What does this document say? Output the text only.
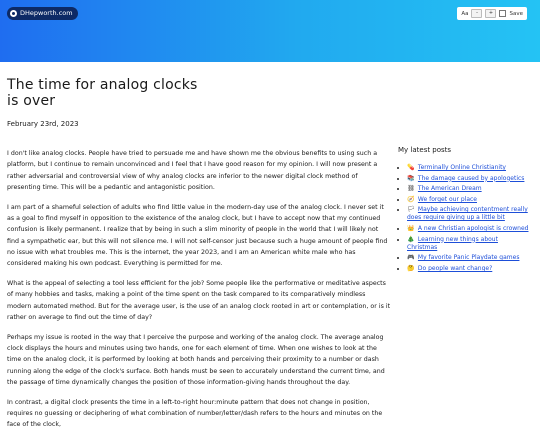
DHepworth.com	Aa	-	+	Save
The time for analog clocks is over
February 23rd, 2023

I don't like analog clocks. People have tried to persuade me and have shown me the obvious benefits to using such a platform, but I continue to remain unconvinced and I feel that I have good reason for my opinion. I will now present a rather adversarial and controversial view of why analog clocks are inferior to the newer digital clock method of presenting time. This will be a pedantic and antagonistic position.

I am part of a shameful selection of adults who find little value in the modern-day use of the analog clock. I never set it as a goal to find myself in opposition to the existence of the analog clock, but I have to accept now that my continued confusion is likely permanent. I realize that by being in such a slim minority of people in the world that I will likely not find a sympathetic ear, but this will not silence me. I will not self-censor just because such a huge amount of people find no issue with what troubles me. This is the internet, the year 2023, and I am an American white male who has considered making his own podcast. Everything is permitted for me.

What is the appeal of selecting a tool less efficient for the job? Some people like the performative or meditative aspects of many hobbies and tasks, making a point of the time spent on the task compared to its comparatively mindless modern automated method. But for the average user, is the use of an analog clock rooted in art or contemplation, or is it rather on average to find out the time of day?

Perhaps my issue is rooted in the way that I perceive the purpose and working of the analog clock. The average analog clock displays the hours and minutes using two hands, one for each element of time. When one wishes to look at the time on the analog clock, it is performed by looking at both hands and perceiving their proximity to a number or dash running along the edge of the clock's surface. Both hands must be seen to accurately understand the current time, and the passage of time dynamically changes the position of those information-giving hands throughout the day.

In contrast, a digital clock presents the time in a left-to-right hour:minute pattern that does not change in position, requires no guessing or deciphering of what combination of number/letter/dash refers to the hours and minutes on the face of the clock,

My latest posts
• 💊 Terminally Online Christianity
• 📚 The damage caused by apologetics
• ⛓ The American Dream
• 🧭 We forget our place
• 🏳 Maybe achieving contentment really does require giving up a little bit
• 👑 A new Christian apologist is crowned
• 🎄 Learning new things about Christmas
• 🎮 My favorite Panic Playdate games
• 🤔 Do people want change?
